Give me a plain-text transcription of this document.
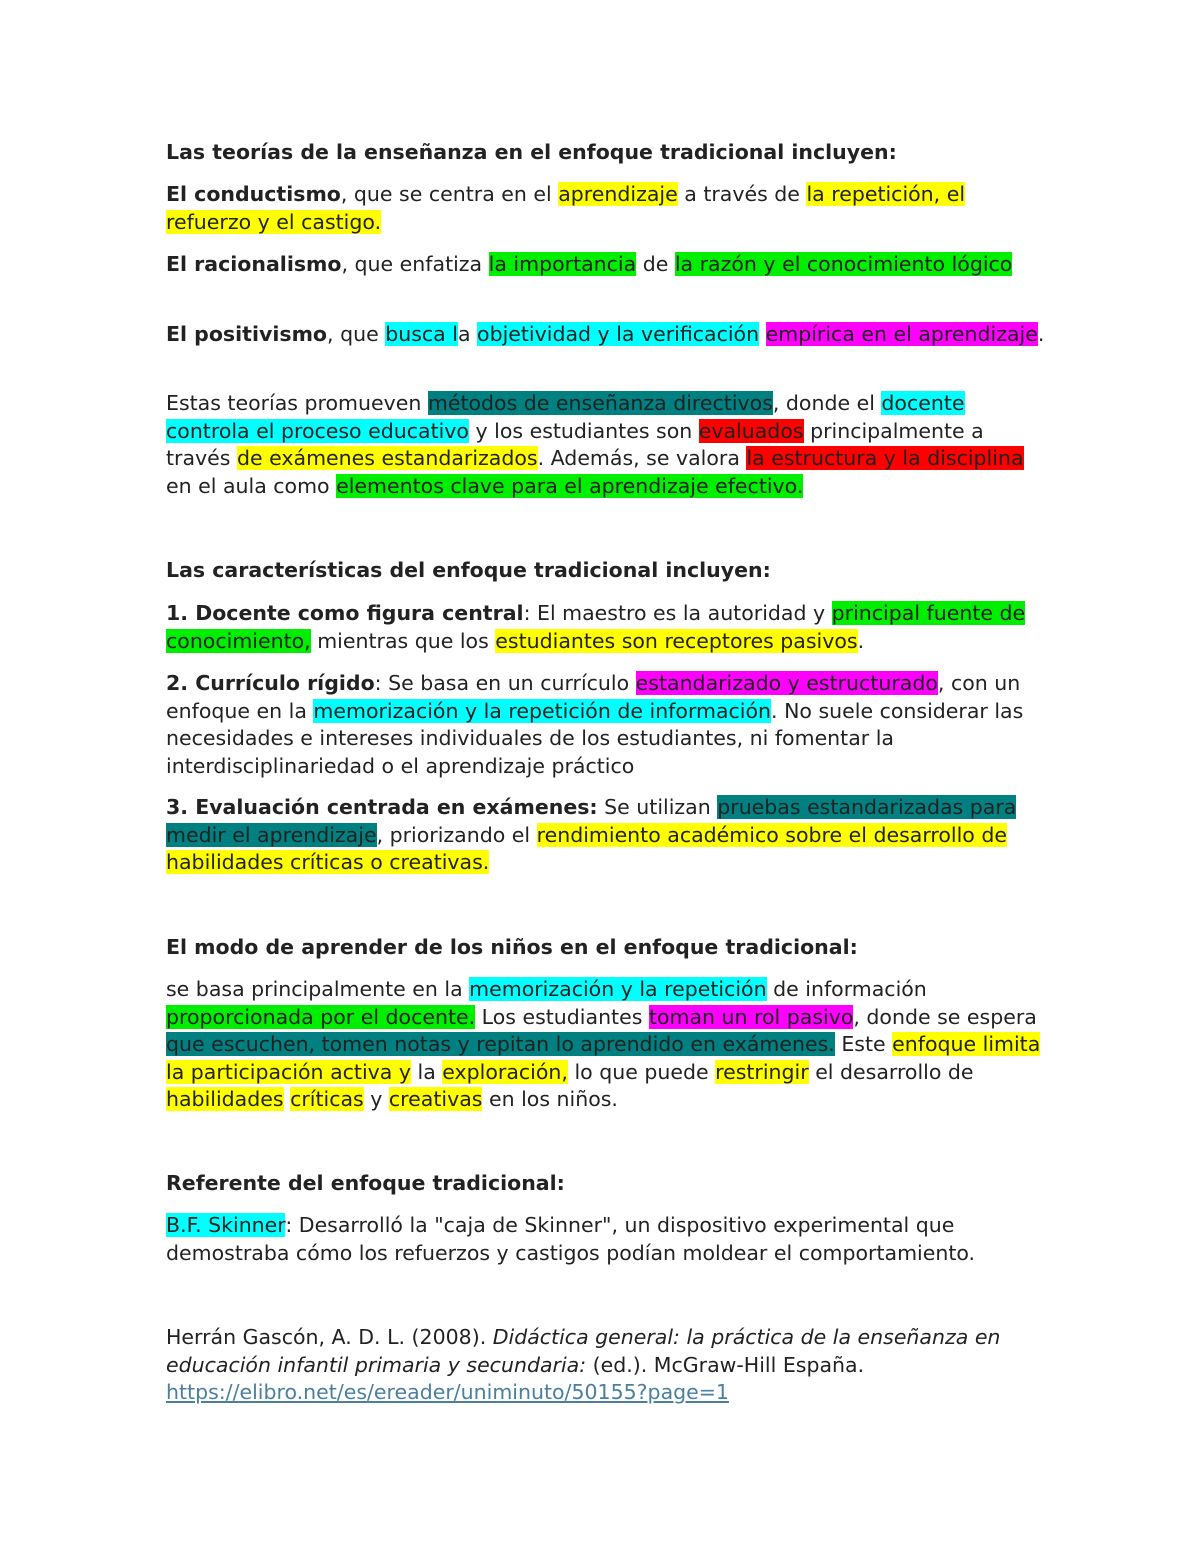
Las teorías de la enseñanza en el enfoque tradicional incluyen:

El conductismo, que se centra en el aprendizaje a través de la repetición, el refuerzo y el castigo.

El racionalismo, que enfatiza la importancia de la razón y el conocimiento lógico

El positivismo, que busca la objetividad y la verificación empírica en el aprendizaje.

Estas teorías promueven métodos de enseñanza directivos, donde el docente controla el proceso educativo y los estudiantes son evaluados principalmente a través de exámenes estandarizados. Además, se valora la estructura y la disciplina en el aula como elementos clave para el aprendizaje efectivo.

Las características del enfoque tradicional incluyen:

1. Docente como figura central: El maestro es la autoridad y principal fuente de conocimiento, mientras que los estudiantes son receptores pasivos.

2. Currículo rígido: Se basa en un currículo estandarizado y estructurado, con un enfoque en la memorización y la repetición de información. No suele considerar las necesidades e intereses individuales de los estudiantes, ni fomentar la interdisciplinariedad o el aprendizaje práctico

3. Evaluación centrada en exámenes: Se utilizan pruebas estandarizadas para medir el aprendizaje, priorizando el rendimiento académico sobre el desarrollo de habilidades críticas o creativas.

El modo de aprender de los niños en el enfoque tradicional:

se basa principalmente en la memorización y la repetición de información proporcionada por el docente. Los estudiantes toman un rol pasivo, donde se espera que escuchen, tomen notas y repitan lo aprendido en exámenes. Este enfoque limita la participación activa y la exploración, lo que puede restringir el desarrollo de habilidades críticas y creativas en los niños.

Referente del enfoque tradicional:

B.F. Skinner: Desarrolló la "caja de Skinner", un dispositivo experimental que demostraba cómo los refuerzos y castigos podían moldear el comportamiento.

Herrán Gascón, A. D. L. (2008). Didáctica general: la práctica de la enseñanza en educación infantil primaria y secundaria: (ed.). McGraw-Hill España.
https://elibro.net/es/ereader/uniminuto/50155?page=1
